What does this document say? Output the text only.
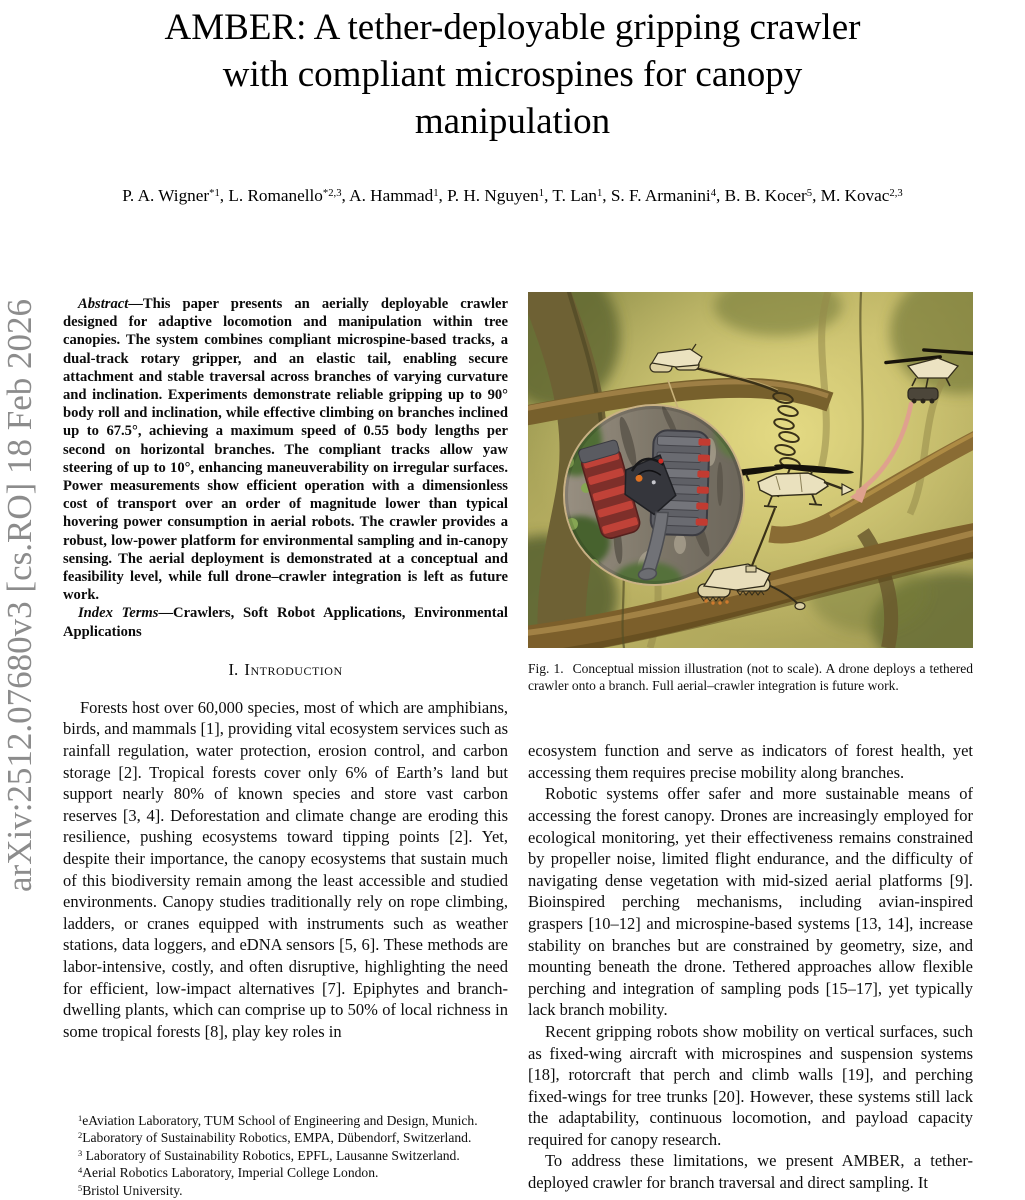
arXiv:2512.07680v3 [cs.RO] 18 Feb 2026
AMBER: A tether-deployable gripping crawler
with compliant microspines for canopy
manipulation
P. A. Wigner$^{*1}$, L. Romanello$^{*2,3}$, A. Hammad$^1$, P. H. Nguyen$^1$, T. Lan$^1$, S. F. Armanini$^4$, B. B. Kocer$^5$, M. Kovac$^{2,3}$

Abstract—This paper presents an aerially deployable crawler designed for adaptive locomotion and manipulation within tree canopies. The system combines compliant microspine-based tracks, a dual-track rotary gripper, and an elastic tail, enabling secure attachment and stable traversal across branches of varying curvature and inclination. Experiments demonstrate reliable gripping up to 90° body roll and inclination, while effective climbing on branches inclined up to 67.5°, achieving a maximum speed of 0.55 body lengths per second on horizontal branches. The compliant tracks allow yaw steering of up to 10°, enhancing maneuverability on irregular surfaces. Power measurements show efficient operation with a dimensionless cost of transport over an order of magnitude lower than typical hovering power consumption in aerial robots. The crawler provides a robust, low-power platform for environmental sampling and in-canopy sensing. The aerial deployment is demonstrated at a conceptual and feasibility level, while full drone–crawler integration is left as future work.

Index Terms—Crawlers, Soft Robot Applications, Environmental Applications

I. Introduction

Forests host over 60,000 species, most of which are amphibians, birds, and mammals [1], providing vital ecosystem services such as rainfall regulation, water protection, erosion control, and carbon storage [2]. Tropical forests cover only 6% of Earth’s land but support nearly 80% of known species and store vast carbon reserves [3, 4]. Deforestation and climate change are eroding this resilience, pushing ecosystems toward tipping points [2]. Yet, despite their importance, the canopy ecosystems that sustain much of this biodiversity remain among the least accessible and studied environments. Canopy studies traditionally rely on rope climbing, ladders, or cranes equipped with instruments such as weather stations, data loggers, and eDNA sensors [5, 6]. These methods are labor-intensive, costly, and often disruptive, highlighting the need for efficient, low-impact alternatives [7]. Epiphytes and branch-dwelling plants, which can comprise up to 50% of local richness in some tropical forests [8], play key roles in

$^1$eAviation Laboratory, TUM School of Engineering and Design, Munich.
$^2$Laboratory of Sustainability Robotics, EMPA, Dübendorf, Switzerland.
$^3$ Laboratory of Sustainability Robotics, EPFL, Lausanne Switzerland.
$^4$Aerial Robotics Laboratory, Imperial College London.
$^5$Bristol University.
Fig. 1. Conceptual mission illustration (not to scale). A drone deploys a tethered crawler onto a branch. Full aerial–crawler integration is future work.

ecosystem function and serve as indicators of forest health, yet accessing them requires precise mobility along branches.

Robotic systems offer safer and more sustainable means of accessing the forest canopy. Drones are increasingly employed for ecological monitoring, yet their effectiveness remains constrained by propeller noise, limited flight endurance, and the difficulty of navigating dense vegetation with mid-sized aerial platforms [9]. Bioinspired perching mechanisms, including avian-inspired graspers [10–12] and microspine-based systems [13, 14], increase stability on branches but are constrained by geometry, size, and mounting beneath the drone. Tethered approaches allow flexible perching and integration of sampling pods [15–17], yet typically lack branch mobility.

Recent gripping robots show mobility on vertical surfaces, such as fixed-wing aircraft with microspines and suspension systems [18], rotorcraft that perch and climb walls [19], and perching fixed-wings for tree trunks [20]. However, these systems still lack the adaptability, continuous locomotion, and payload capacity required for canopy research.

To address these limitations, we present AMBER, a tether-deployed crawler for branch traversal and direct sampling. It
